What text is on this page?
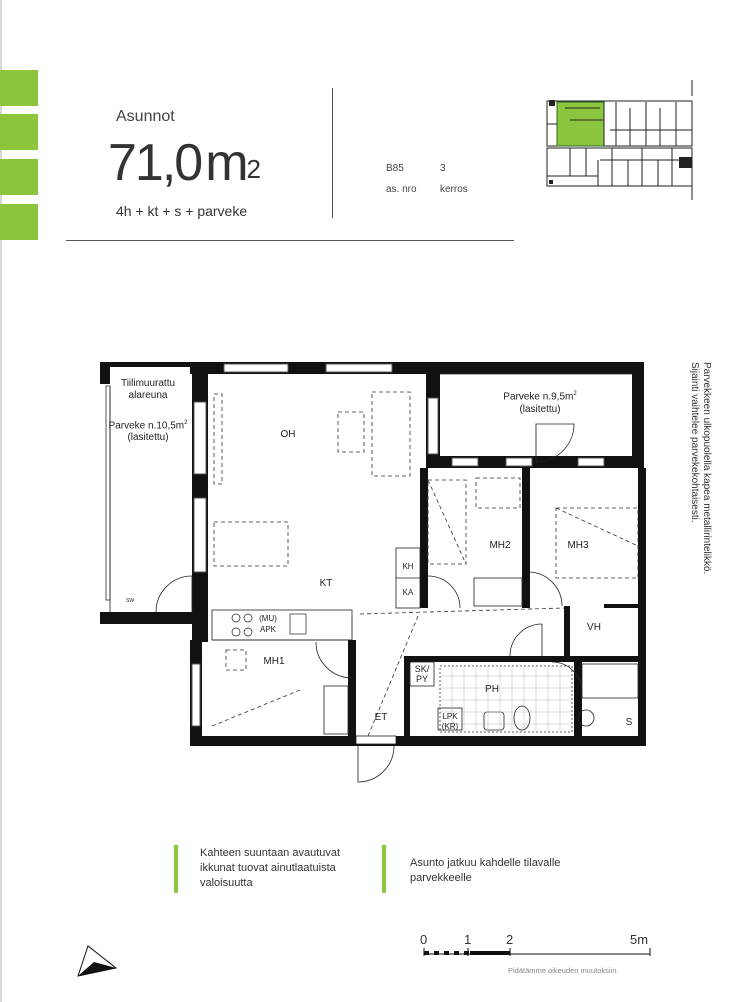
Asunnot
$71,0m^2$
4h + kt + s + parveke
B85	3
as. nro kerros
OH
KT
MH1
MH2	MH3
ET
PH
VH
S
SK/
PY
KH
KA
(MU)
APK
LPK
(KR)
SW
Tiilimuurattu
alareuna
Parveke $n.10,5m^2$
(lasitettu)
Parveke $n.9,5m^2$
(lasitettu)	Parvekkeen ulkopuolella kapea metallirintelikkö.
Sijainti vaihtelee parvekekohtaisesti.
Kahteen suuntaan avautuvat
ikkunat tuovat ainutlaatuista
valoisuutta
Asunto jatkuu kahdelle tilavalle
parvekkeelle
0	1	2	5m
Pidätämme oikeuden muutoksiin.
